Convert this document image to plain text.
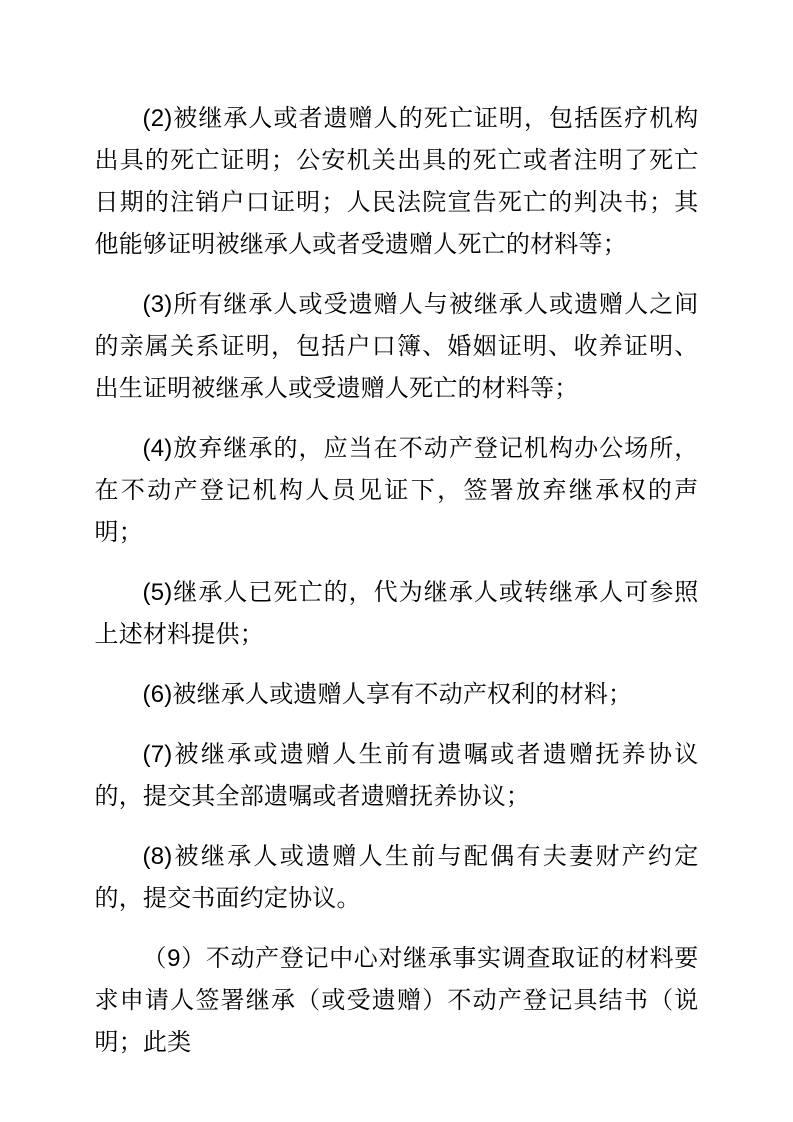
(2)被继承人或者遗赠人的死亡证明，包括医疗机构出具的死亡证明；公安机关出具的死亡或者注明了死亡日期的注销户口证明；人民法院宣告死亡的判决书；其他能够证明被继承人或者受遗赠人死亡的材料等；

(3)所有继承人或受遗赠人与被继承人或遗赠人之间的亲属关系证明，包括户口簿、婚姻证明、收养证明、出生证明被继承人或受遗赠人死亡的材料等；

(4)放弃继承的，应当在不动产登记机构办公场所，在不动产登记机构人员见证下，签署放弃继承权的声明；

(5)继承人已死亡的，代为继承人或转继承人可参照上述材料提供；

(6)被继承人或遗赠人享有不动产权利的材料；

(7)被继承或遗赠人生前有遗嘱或者遗赠抚养协议的，提交其全部遗嘱或者遗赠抚养协议；

(8)被继承人或遗赠人生前与配偶有夫妻财产约定的，提交书面约定协议。

（9）不动产登记中心对继承事实调查取证的材料要求申请人签署继承（或受遗赠）不动产登记具结书（说明；此类
